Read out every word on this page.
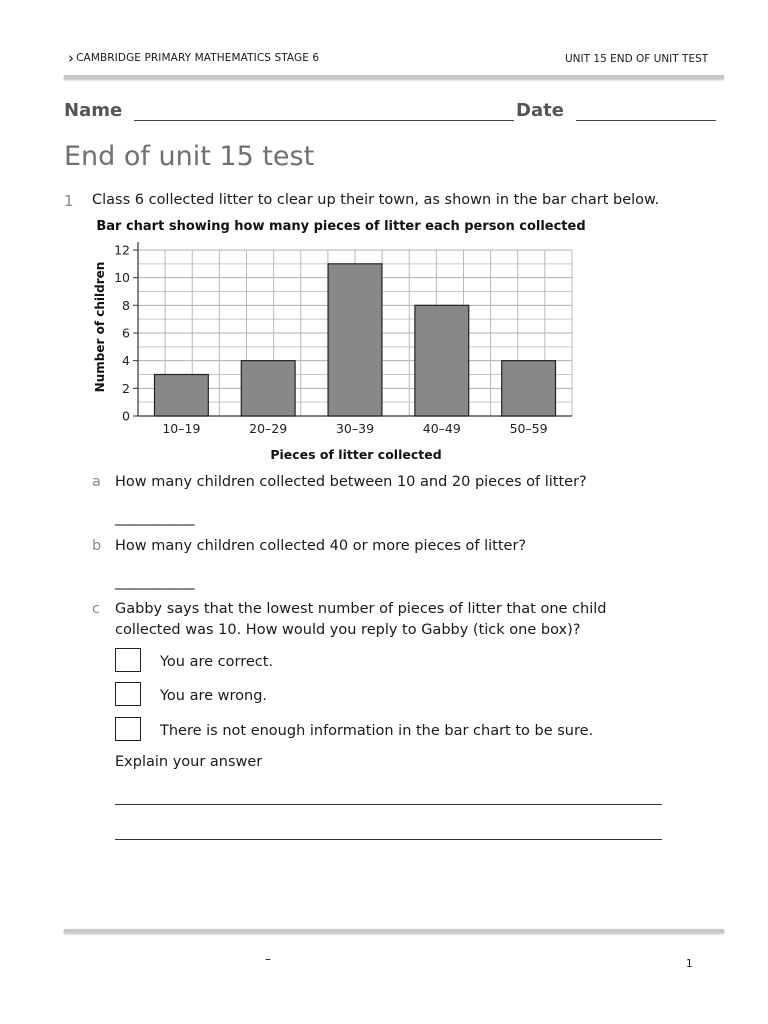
› CAMBRIDGE PRIMARY MATHEMATICS STAGE 6	UNIT 15 END OF UNIT TEST
Name	Date
End of unit 15 test
1 Class 6 collected litter to clear up their town, as shown in the bar chart below.
Bar chart showing how many pieces of litter each person collected
0
2
4
6
8
10
12
10–19	20–29	30–39	40–49	50–59
Number of children
Pieces of litter collected
a How many children collected between 10 and 20 pieces of litter?
___________
b How many children collected 40 or more pieces of litter?
___________
c Gabby says that the lowest number of pieces of litter that one child
collected was 10. How would you reply to Gabby (tick one box)?
You are correct.
You are wrong.
There is not enough information in the bar chart to be sure.
Explain your answer
–	1
